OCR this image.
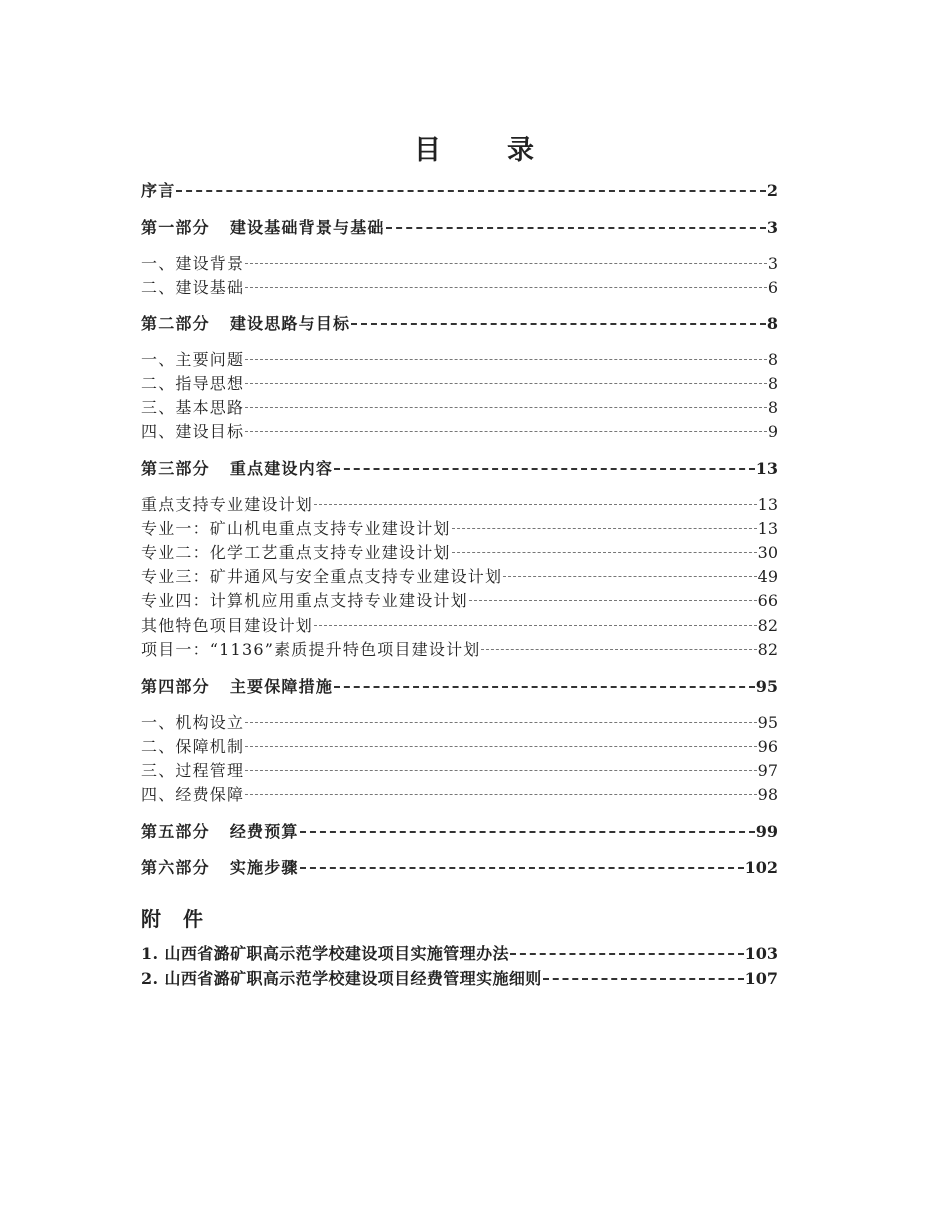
目 录
序言	2
第一部分 建设基础背景与基础	3
一、建设背景	3
二、建设基础	6
第二部分 建设思路与目标	8
一、主要问题	8
二、指导思想	8
三、基本思路	8
四、建设目标	9
第三部分 重点建设内容	13
重点支持专业建设计划	13
专业一：矿山机电重点支持专业建设计划	13
专业二：化学工艺重点支持专业建设计划	30
专业三：矿井通风与安全重点支持专业建设计划	49
专业四：计算机应用重点支持专业建设计划	66
其他特色项目建设计划	82
项目一：“1136”素质提升特色项目建设计划	82
第四部分 主要保障措施	95
一、机构设立	95
二、保障机制	96
三、过程管理	97
四、经费保障	98
第五部分 经费预算	99
第六部分 实施步骤	102
附 件
1. 山西省潞矿职高示范学校建设项目实施管理办法	103
2. 山西省潞矿职高示范学校建设项目经费管理实施细则	107
